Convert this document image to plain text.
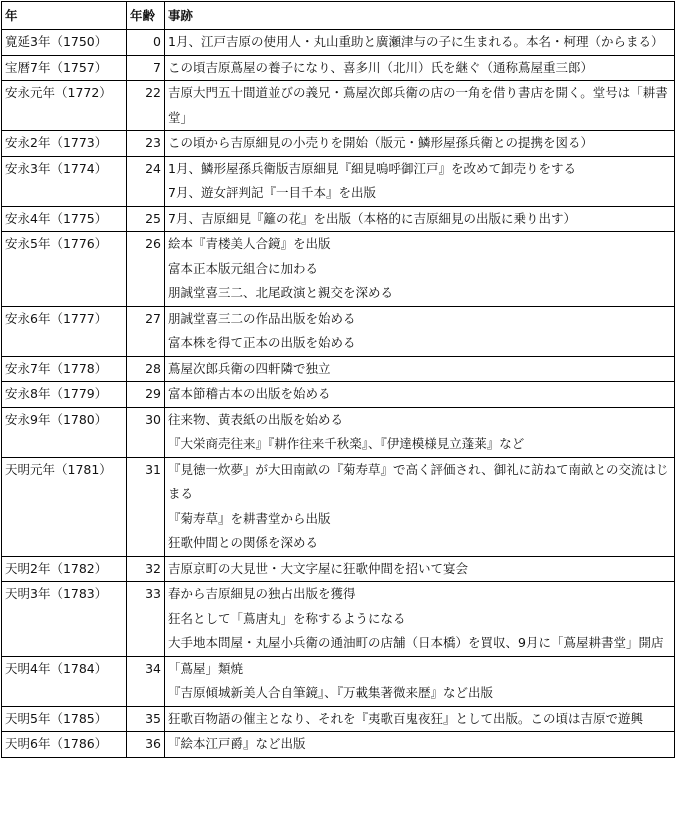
年	年齢	事跡
寛延3年（1750）	0	1月、江戸吉原の使用人・丸山重助と廣瀬津与の子に生まれる。本名・柯理（からまる）

宝暦7年（1757）	7	この頃吉原蔦屋の養子になり、喜多川（北川）氏を継ぐ（通称蔦屋重三郎）

安永元年（1772）	22	吉原大門五十間道並びの義兄・蔦屋次郎兵衛の店の一角を借り書店を開く。堂号は「耕書堂」

安永2年（1773）	23	この頃から吉原細見の小売りを開始（版元・鱗形屋孫兵衛との提携を図る）

安永3年（1774）	24	1月、鱗形屋孫兵衛版吉原細見『細見嗚呼御江戸』を改めて卸売りをする
7月、遊女評判記『一目千本』を出版

安永4年（1775）	25	7月、吉原細見『籬の花』を出版（本格的に吉原細見の出版に乗り出す）

安永5年（1776）	26	絵本『青楼美人合鏡』を出版
富本正本版元組合に加わる
朋誠堂喜三二、北尾政演と親交を深める

安永6年（1777）	27	朋誠堂喜三二の作品出版を始める
富本株を得て正本の出版を始める

安永7年（1778）	28	蔦屋次郎兵衛の四軒隣で独立

安永8年（1779）	29	富本節稽古本の出版を始める

安永9年（1780）	30	往来物、黄表紙の出版を始める
『大栄商売往来』『耕作往来千秋楽』、『伊達模様見立蓬莱』など

天明元年（1781）	31	『見徳一炊夢』が大田南畝の『菊寿草』で高く評価され、御礼に訪ねて南畝との交流はじまる
『菊寿草』を耕書堂から出版
狂歌仲間との関係を深める

天明2年（1782）	32	吉原京町の大見世・大文字屋に狂歌仲間を招いて宴会

天明3年（1783）	33	春から吉原細見の独占出版を獲得
狂名として「蔦唐丸」を称するようになる
大手地本問屋・丸屋小兵衛の通油町の店舗（日本橋）を買収、9月に「蔦屋耕書堂」開店

天明4年（1784）	34	「蔦屋」類焼
『吉原傾城新美人合自筆鏡』、『万載集著微来歴』など出版

天明5年（1785）	35	狂歌百物語の催主となり、それを『夷歌百鬼夜狂』として出版。この頃は吉原で遊興

天明6年（1786）	36	『絵本江戸爵』など出版
